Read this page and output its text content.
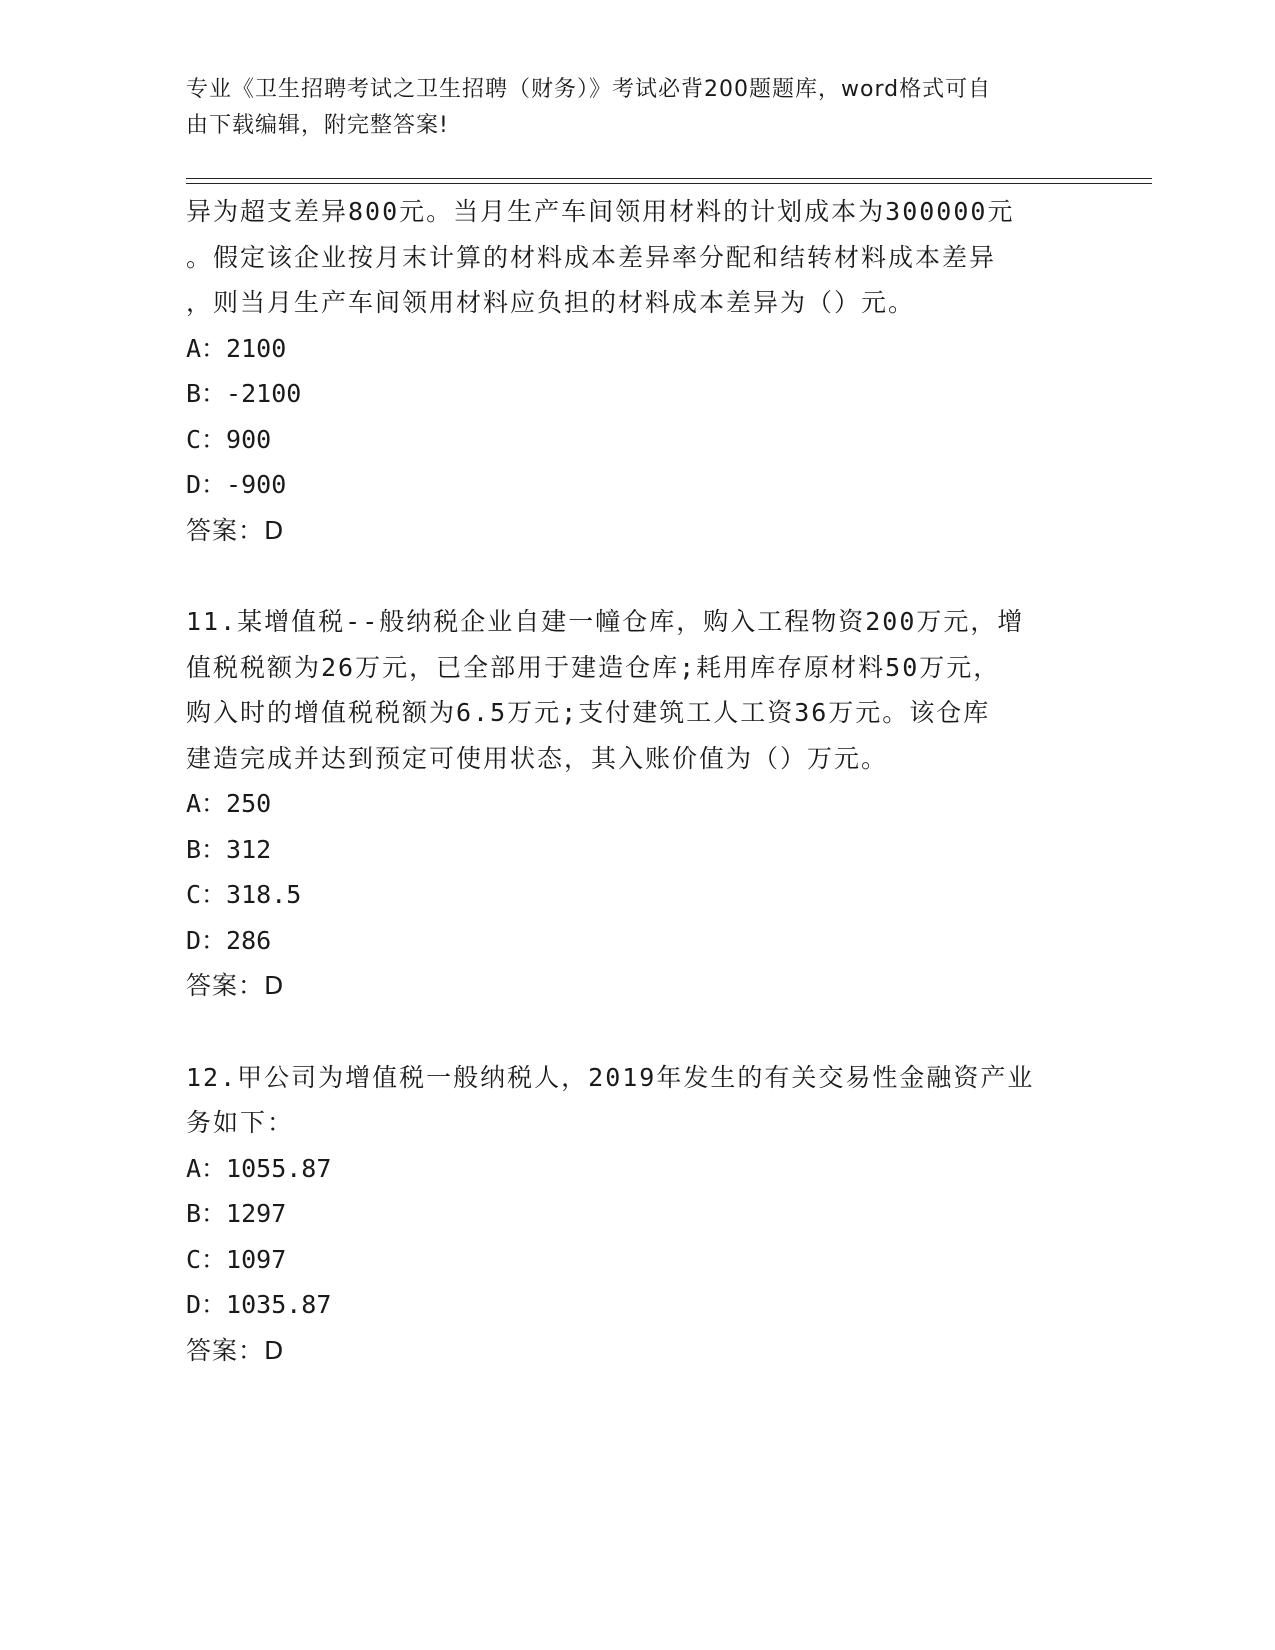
专业《卫生招聘考试之卫生招聘（财务）》考试必背200题题库，word格式可自
由下载编辑，附完整答案!
异为超支差异800元。当月生产车间领用材料的计划成本为300000元
。假定该企业按月末计算的材料成本差异率分配和结转材料成本差异
，则当月生产车间领用材料应负担的材料成本差异为（）元。
A：2100
B：-2100
C：900
D：-900
答案：D
11.某增值税--般纳税企业自建一幢仓库，购入工程物资200万元，增
值税税额为26万元，已全部用于建造仓库;耗用库存原材料50万元，
购入时的增值税税额为6.5万元;支付建筑工人工资36万元。该仓库
建造完成并达到预定可使用状态，其入账价值为（）万元。
A：250
B：312
C：318.5
D：286
答案：D
12.甲公司为增值税一般纳税人，2019年发生的有关交易性金融资产业
务如下：
A：1055.87
B：1297
C：1097
D：1035.87
答案：D
